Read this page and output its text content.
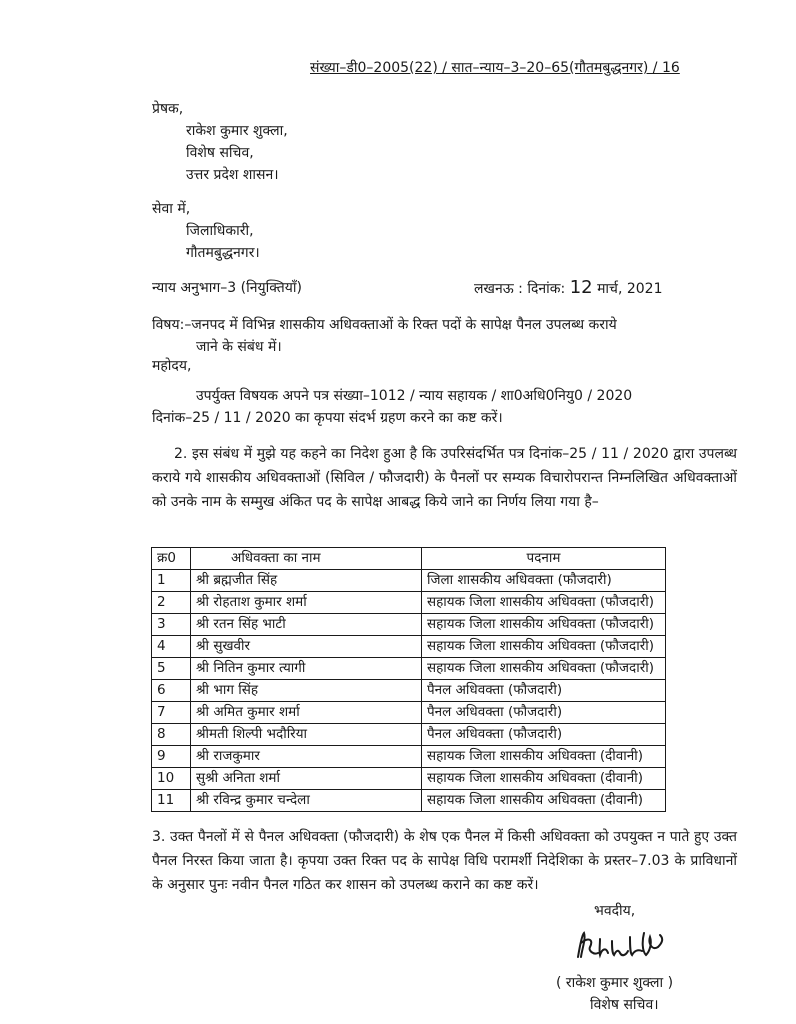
संख्या–डी0–2005(22) / सात–न्याय–3–20–65(गौतमबुद्धनगर) / 16
प्रेषक,
राकेश कुमार शुक्ला,
विशेष सचिव,
उत्तर प्रदेश शासन।
सेवा में,
जिलाधिकारी,
गौतमबुद्धनगर।
न्याय अनुभाग–3 (नियुक्तियाँ)	लखनऊ : दिनांक: 12 मार्च, 2021
विषय:–जनपद में विभिन्न शासकीय अधिवक्ताओं के रिक्त पदों के सापेक्ष पैनल उपलब्ध कराये
जाने के संबंध में।
महोदय,
उपर्युक्त विषयक अपने पत्र संख्या–1012 / न्याय सहायक / शा0अधि0नियु0 / 2020
दिनांक–25 / 11 / 2020 का कृपया संदर्भ ग्रहण करने का कष्ट करें।
2. इस संबंध में मुझे यह कहने का निदेश हुआ है कि उपरिसंदर्भित पत्र दिनांक–25 / 11 / 2020 द्वारा उपलब्ध कराये गये शासकीय अधिवक्ताओं (सिविल / फौजदारी) के पैनलों पर सम्यक विचारोपरान्त निम्नलिखित अधिवक्ताओं को उनके नाम के सम्मुख अंकित पद के सापेक्ष आबद्ध किये जाने का निर्णय लिया गया है–
क्र0	अधिवक्ता का नाम	पदनाम
1	श्री ब्रह्मजीत सिंह	जिला शासकीय अधिवक्ता (फौजदारी)
2	श्री रोहताश कुमार शर्मा	सहायक जिला शासकीय अधिवक्ता (फौजदारी)
3	श्री रतन सिंह भाटी	सहायक जिला शासकीय अधिवक्ता (फौजदारी)
4	श्री सुखवीर	सहायक जिला शासकीय अधिवक्ता (फौजदारी)
5	श्री नितिन कुमार त्यागी	सहायक जिला शासकीय अधिवक्ता (फौजदारी)
6	श्री भाग सिंह	पैनल अधिवक्ता (फौजदारी)
7	श्री अमित कुमार शर्मा	पैनल अधिवक्ता (फौजदारी)
8	श्रीमती शिल्पी भदौरिया	पैनल अधिवक्ता (फौजदारी)
9	श्री राजकुमार	सहायक जिला शासकीय अधिवक्ता (दीवानी)
10	सुश्री अनिता शर्मा	सहायक जिला शासकीय अधिवक्ता (दीवानी)
11	श्री रविन्द्र कुमार चन्देला	सहायक जिला शासकीय अधिवक्ता (दीवानी)
3. उक्त पैनलों में से पैनल अधिवक्ता (फौजदारी) के शेष एक पैनल में किसी अधिवक्ता को उपयुक्त न पाते हुए उक्त पैनल निरस्त किया जाता है। कृपया उक्त रिक्त पद के सापेक्ष विधि परामर्शी निदेशिका के प्रस्तर–7.03 के प्राविधानों के अनुसार पुनः नवीन पैनल गठित कर शासन को उपलब्ध कराने का कष्ट करें।
भवदीय,
( राकेश कुमार शुक्ला )
विशेष सचिव।
